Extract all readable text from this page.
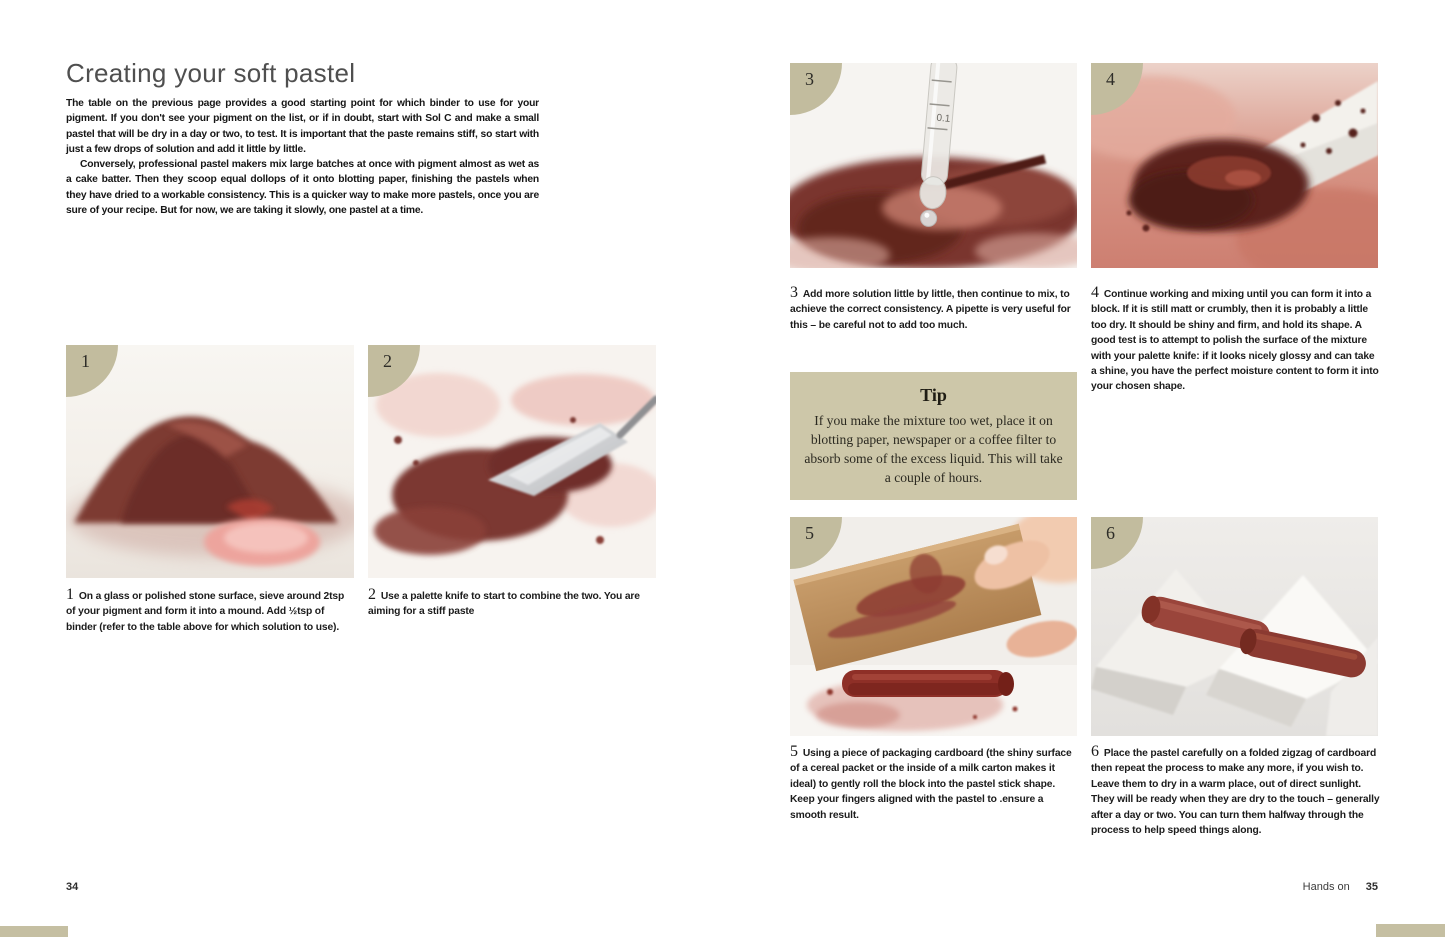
Creating your soft pastel

The table on the previous page provides a good starting point for which binder to use for your pigment. If you don't see your pigment on the list, or if in doubt, start with Sol C and make a small pastel that will be dry in a day or two, to test. It is important that the paste remains stiff, so start with just a few drops of solution and add it little by little.

Conversely, professional pastel makers mix large batches at once with pigment almost as wet as a cake batter. Then they scoop equal dollops of it onto blotting paper, finishing the pastels when they have dried to a workable consistency. This is a quicker way to make more pastels, once you are sure of your recipe. But for now, we are taking it slowly, one pastel at a time.

1	2

1 On a glass or polished stone surface, sieve around 2tsp of your pigment and form it into a mound. Add ½tsp of binder (refer to the table above for which solution to use).

2 Use a palette knife to start to combine the two. You are aiming for a stiff paste

34
0.1
3	4

3 Add more solution little by little, then continue to mix, to achieve the correct consistency. A pipette is very useful for this – be careful not to add too much.

4 Continue working and mixing until you can form it into a block. If it is still matt or crumbly, then it is probably a little too dry. It should be shiny and firm, and hold its shape. A good test is to attempt to polish the surface of the mixture with your palette knife: if it looks nicely glossy and can take a shine, you have the perfect moisture content to form it into your chosen shape.

Tip

If you make the mixture too wet, place it on blotting paper, newspaper or a coffee filter to absorb some of the excess liquid. This will take a couple of hours.

5	6

5 Using a piece of packaging cardboard (the shiny surface of a cereal packet or the inside of a milk carton makes it ideal) to gently roll the block into the pastel stick shape. Keep your fingers aligned with the pastel to .ensure a smooth result.

6 Place the pastel carefully on a folded zigzag of cardboard then repeat the process to make any more, if you wish to. Leave them to dry in a warm place, out of direct sunlight. They will be ready when they are dry to the touch – generally after a day or two. You can turn them halfway through the process to help speed things along.

Hands on 35
